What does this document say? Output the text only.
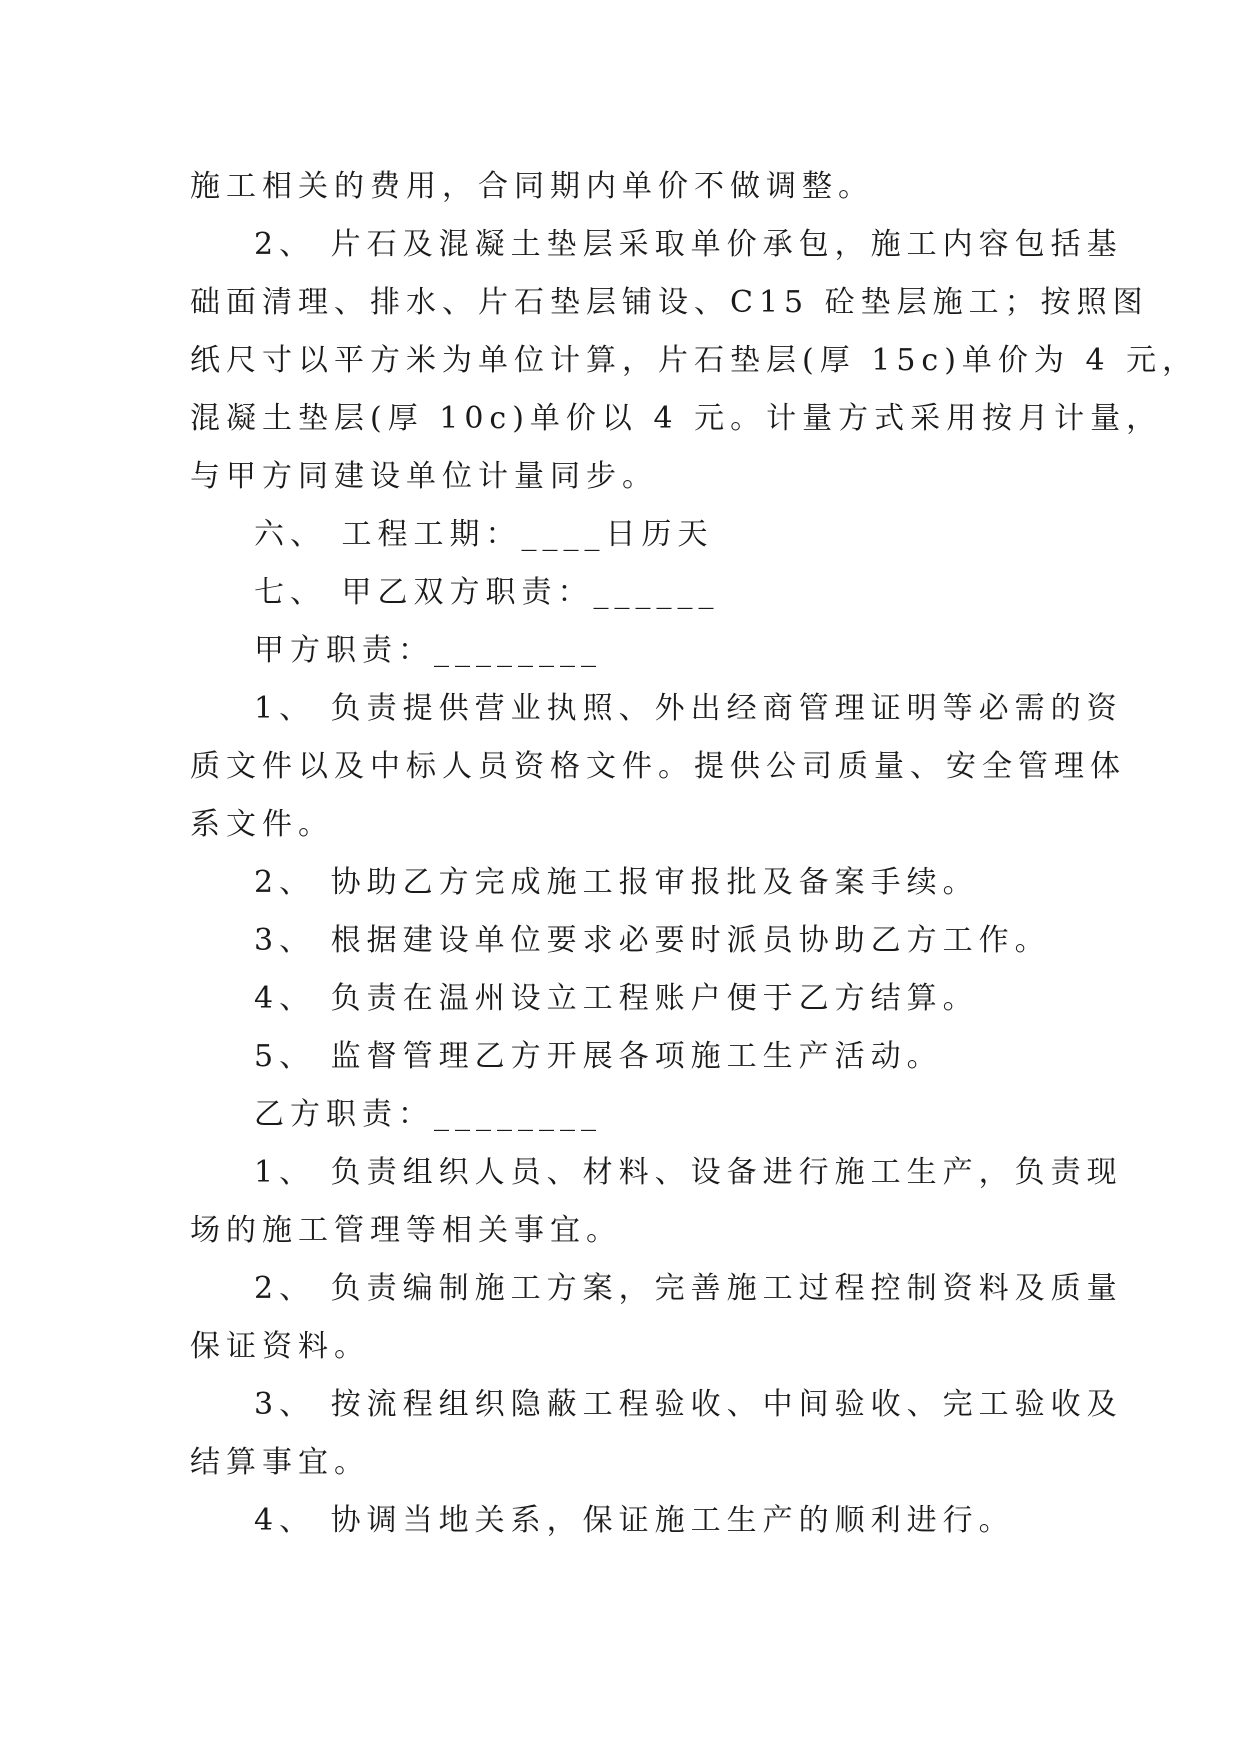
施工相关的费用，合同期内单价不做调整。
2、 片石及混凝土垫层采取单价承包，施工内容包括基
础面清理、排水、片石垫层铺设、C15 砼垫层施工；按照图
纸尺寸以平方米为单位计算，片石垫层(厚 15c)单价为 4 元，
混凝土垫层(厚 10c)单价以 4 元。计量方式采用按月计量，
与甲方同建设单位计量同步。
六、 工程工期：____日历天
七、 甲乙双方职责：______
甲方职责：________
1、 负责提供营业执照、外出经商管理证明等必需的资
质文件以及中标人员资格文件。提供公司质量、安全管理体
系文件。
2、 协助乙方完成施工报审报批及备案手续。
3、 根据建设单位要求必要时派员协助乙方工作。
4、 负责在温州设立工程账户便于乙方结算。
5、 监督管理乙方开展各项施工生产活动。
乙方职责：________
1、 负责组织人员、材料、设备进行施工生产，负责现
场的施工管理等相关事宜。
2、 负责编制施工方案，完善施工过程控制资料及质量
保证资料。
3、 按流程组织隐蔽工程验收、中间验收、完工验收及
结算事宜。
4、 协调当地关系，保证施工生产的顺利进行。
